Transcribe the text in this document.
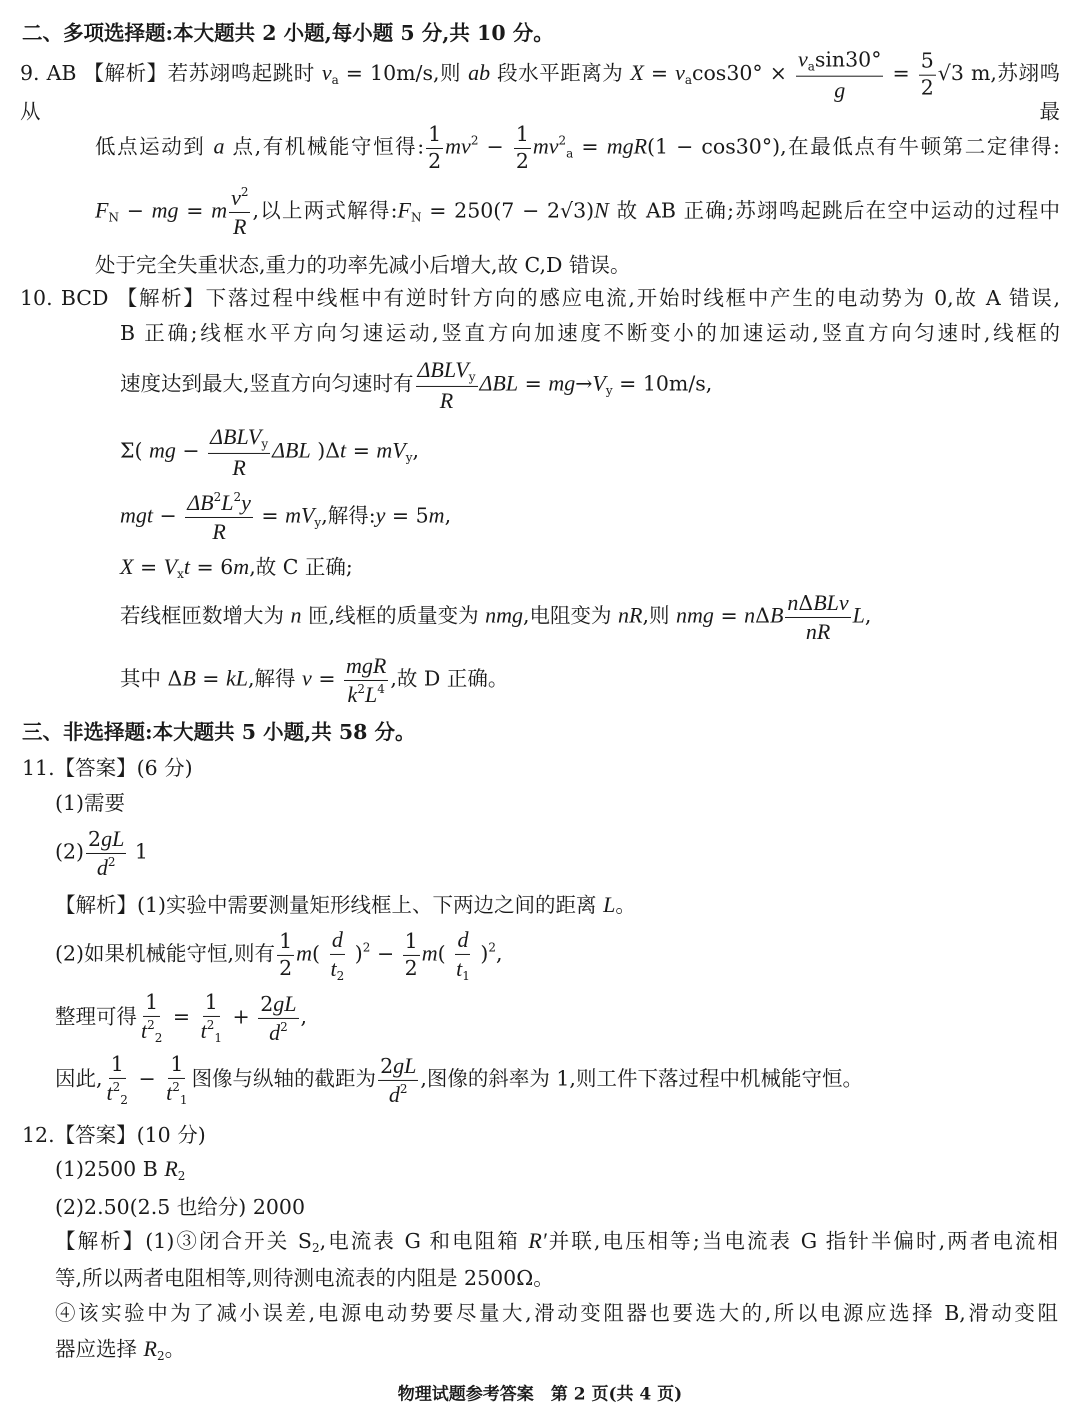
物理试题参考答案　第 2 页(共 4 页)
二、多项选择题:本大题共 2 小题,每小题 5 分,共 10 分。
9. AB 【解析】若苏翊鸣起跳时 $v_a = 10m/s$,则 ab 段水平距离为 $X = v_a\cos 30^\circ \times \frac{v_a\sin 30^\circ}{g} = \frac{5}{2} √3$ m,苏翊鸣从最
低点运动到 a 点,有机械能守恒得: $\frac{1}{2} mv^2 - \frac{1}{2} mv^2_a = mgR(1 - \cos 30^\circ)$,在最低点有牛顿第二定律得:
$F_N$ − mg = m $\frac{v^2}{R}$ ,以上两式解得$:F_N = 250(7 - 2√3)N$ 故 AB 正确;苏翊鸣起跳后在空中运动的过程中
处于完全失重状态,重力的功率先减小后增大,故 C,D 错误。
10. BCD 【解析】下落过程中线框中有逆时针方向的感应电流,开始时线框中产生的电动势为 0,故 A 错误,
B 正确;线框水平方向匀速运动,竖直方向加速度不断变小的加速运动,竖直方向匀速时,线框的
速度达到最大,竖直方向匀速时有 $\frac{\Delta BLV_y}{R}$ $\Delta BL = mg\to V_y = 10m/s$,
Σ( mg − $\frac{\Delta BLV_y}{R}$ ΔBL )$\Delta t = mV_y$,
mgt − $\frac{\Delta B^2L^2y}{R} = mV_y$,解得:y = 5m,
$X = V_xt = 6m$,故 C 正确;
若线框匝数增大为 n 匝,线框的质量变为 nmg,电阻变为 nR,则 nmg = nΔB $\frac{\text{nΔBLv}}{nR} L$,
其中 ΔB = kL,解得 $v = \frac{\text{mgR}}{k^2L^4}$ ,故 D 正确。
三、非选择题:本大题共 5 小题,共 58 分。
11.【答案】(6 分)
(1)需要
$(2) \frac{2gL}{d^2} 1$
【解析】(1)实验中需要测量矩形线框上、下两边之间的距离 L。
(2)如果机械能守恒,则有 $\frac{1}{2} m( \frac{d}{t_2} )^2 - \frac{1}{2} m( \frac{d}{t_1} )^2$,
整理可得 $\frac{1}{t^2_2} = \frac{1}{t^2_1} + \frac{2gL}{d^2}$ ,
因此, $\frac{1}{t^2_2} - \frac{1}{t^2_1}$ 图像与纵轴的截距为 $\frac{2gL}{d^2}$ ,图像的斜率为 1,则工件下落过程中机械能守恒。
12.【答案】(10 分)
(1)2500 B $R_2$
(2)2.50(2.5 也给分) 2000
【解析】(1)③闭合开关 $S_2$,电流表 G 和电阻箱 R′并联,电压相等;当电流表 G 指针半偏时,两者电流相
等,所以两者电阻相等,则待测电流表的内阻是 2500Ω。
④该实验中为了减小误差,电源电动势要尽量大,滑动变阻器也要选大的,所以电源应选择 B,滑动变阻
器应选择 $R_2$。
